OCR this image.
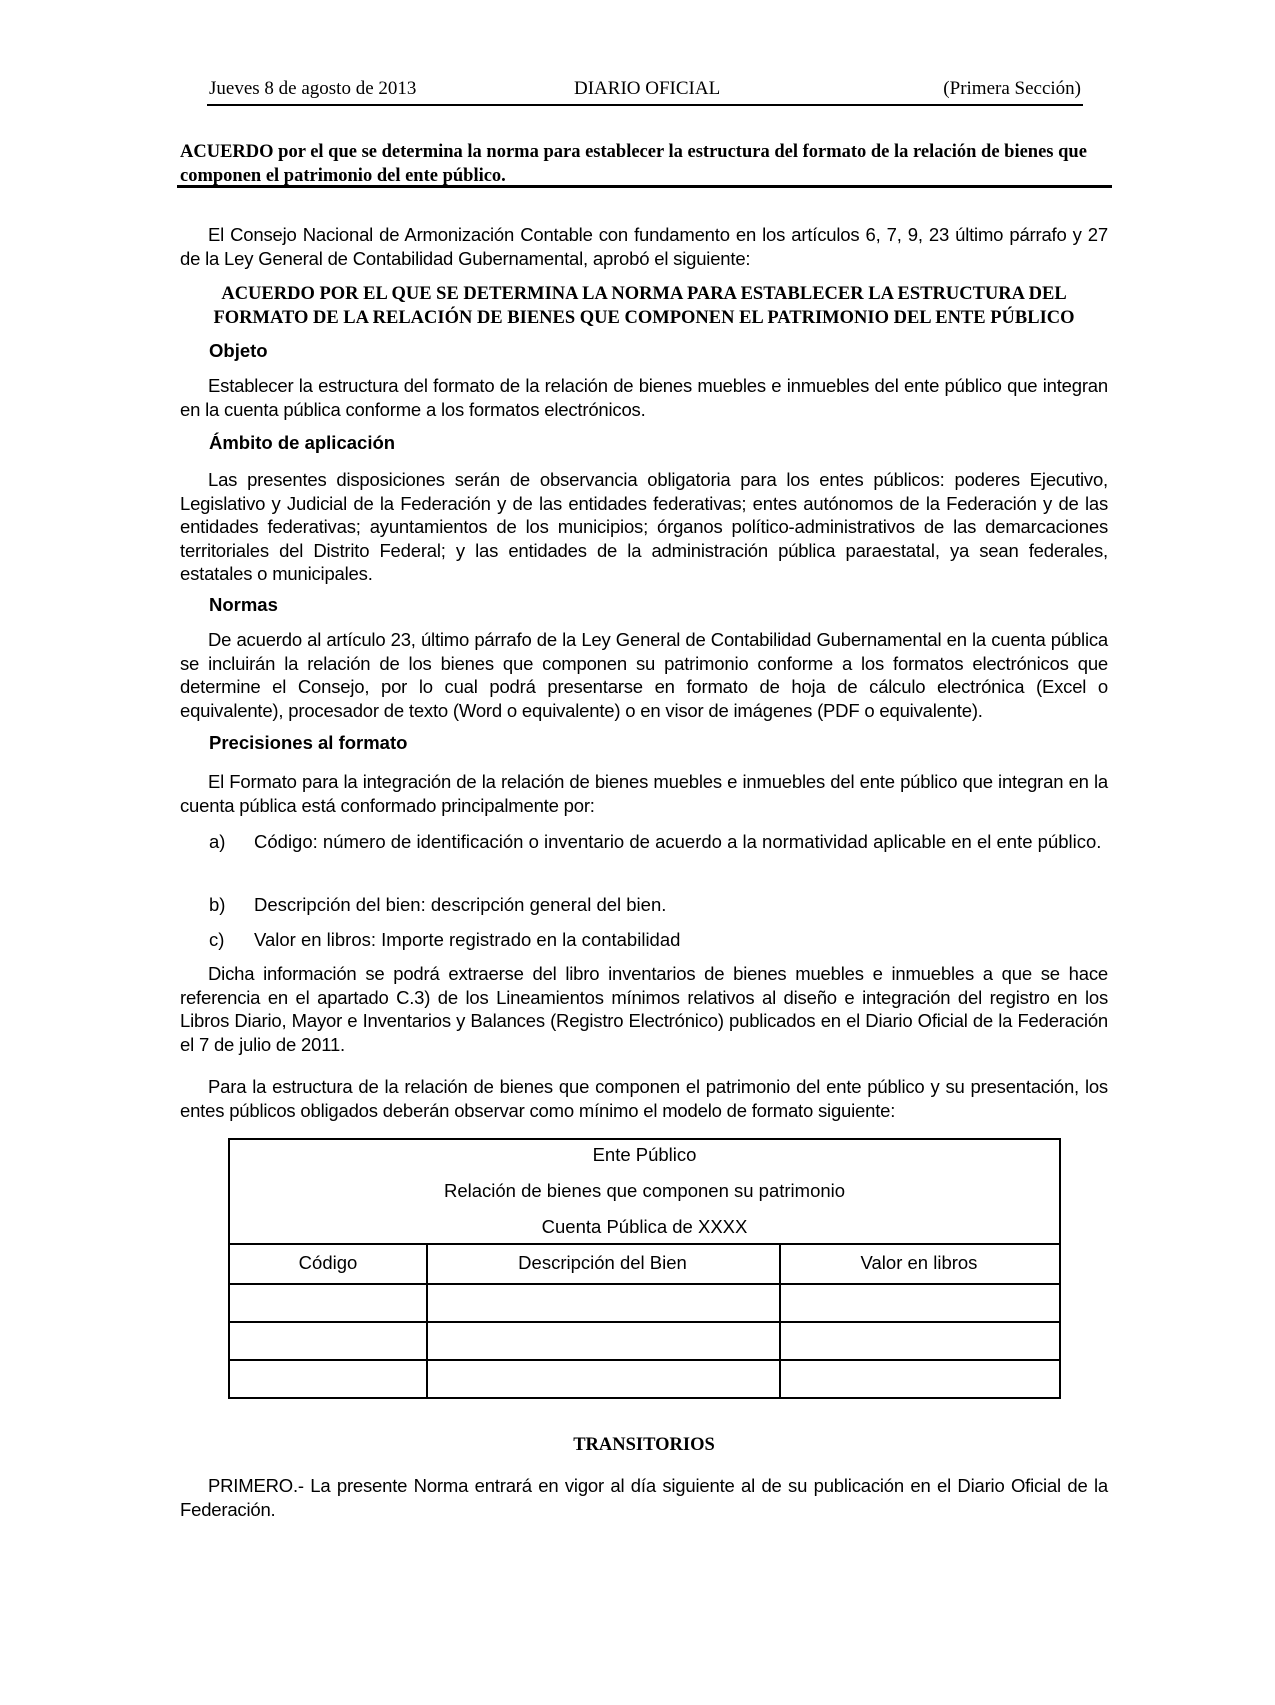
Jueves 8 de agosto de 2013	DIARIO OFICIAL	(Primera Sección)
ACUERDO por el que se determina la norma para establecer la estructura del formato de la relación de bienes que componen el patrimonio del ente público.
El Consejo Nacional de Armonización Contable con fundamento en los artículos 6, 7, 9, 23 último párrafo y 27 de la Ley General de Contabilidad Gubernamental, aprobó el siguiente:
ACUERDO POR EL QUE SE DETERMINA LA NORMA PARA ESTABLECER LA ESTRUCTURA DEL
FORMATO DE LA RELACIÓN DE BIENES QUE COMPONEN EL PATRIMONIO DEL ENTE PÚBLICO
Objeto
Establecer la estructura del formato de la relación de bienes muebles e inmuebles del ente público que integran en la cuenta pública conforme a los formatos electrónicos.
Ámbito de aplicación
Las presentes disposiciones serán de observancia obligatoria para los entes públicos: poderes Ejecutivo, Legislativo y Judicial de la Federación y de las entidades federativas; entes autónomos de la Federación y de las entidades federativas; ayuntamientos de los municipios; órganos político-administrativos de las demarcaciones territoriales del Distrito Federal; y las entidades de la administración pública paraestatal, ya sean federales, estatales o municipales.
Normas
De acuerdo al artículo 23, último párrafo de la Ley General de Contabilidad Gubernamental en la cuenta pública se incluirán la relación de los bienes que componen su patrimonio conforme a los formatos electrónicos que determine el Consejo, por lo cual podrá presentarse en formato de hoja de cálculo electrónica (Excel o equivalente), procesador de texto (Word o equivalente) o en visor de imágenes (PDF o equivalente).
Precisiones al formato
El Formato para la integración de la relación de bienes muebles e inmuebles del ente público que integran en la cuenta pública está conformado principalmente por:
a) Código: número de identificación o inventario de acuerdo a la normatividad aplicable en el ente público.
b) Descripción del bien: descripción general del bien.
c) Valor en libros: Importe registrado en la contabilidad
Dicha información se podrá extraerse del libro inventarios de bienes muebles e inmuebles a que se hace referencia en el apartado C.3) de los Lineamientos mínimos relativos al diseño e integración del registro en los Libros Diario, Mayor e Inventarios y Balances (Registro Electrónico) publicados en el Diario Oficial de la Federación el 7 de julio de 2011.
Para la estructura de la relación de bienes que componen el patrimonio del ente público y su presentación, los entes públicos obligados deberán observar como mínimo el modelo de formato siguiente:
Ente Público
Relación de bienes que componen su patrimonio
Cuenta Pública de XXXX
Código	Descripción del Bien	Valor en libros
TRANSITORIOS
PRIMERO.- La presente Norma entrará en vigor al día siguiente al de su publicación en el Diario Oficial de la Federación.
